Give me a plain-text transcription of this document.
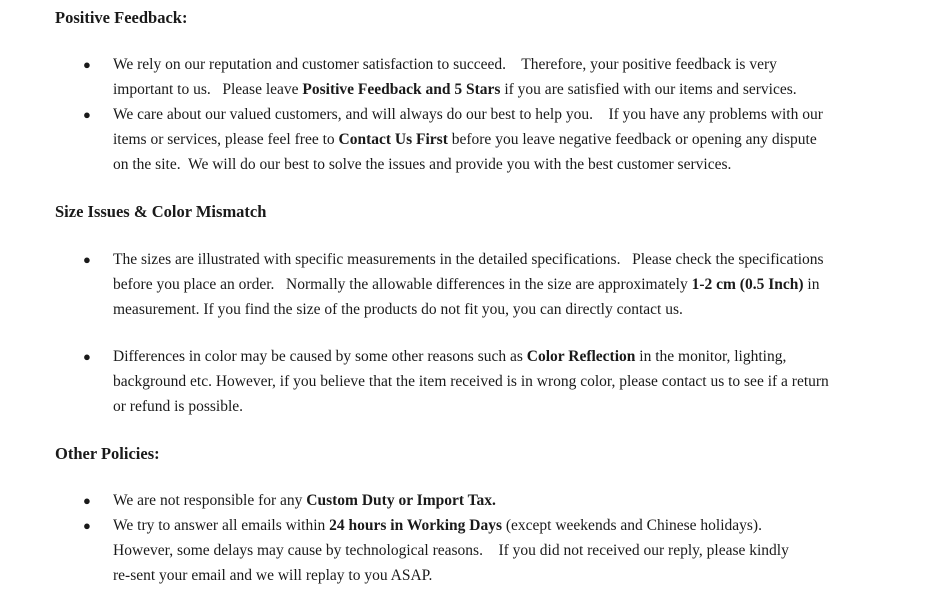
Positive Feedback:
● We rely on our reputation and customer satisfaction to succeed.    Therefore, your positive feedback is very
important to us.   Please leave Positive Feedback and 5 Stars if you are satisfied with our items and services.
● We care about our valued customers, and will always do our best to help you.    If you have any problems with our
items or services, please feel free to Contact Us First before you leave negative feedback or opening any dispute
on the site.  We will do our best to solve the issues and provide you with the best customer services.
Size Issues & Color Mismatch
● The sizes are illustrated with specific measurements in the detailed specifications.   Please check the specifications
before you place an order.   Normally the allowable differences in the size are approximately 1-2 cm (0.5 Inch) in
measurement. If you find the size of the products do not fit you, you can directly contact us.
● Differences in color may be caused by some other reasons such as Color Reflection in the monitor, lighting,
background etc. However, if you believe that the item received is in wrong color, please contact us to see if a return
or refund is possible.
Other Policies:
● We are not responsible for any Custom Duty or Import Tax.
● We try to answer all emails within 24 hours in Working Days (except weekends and Chinese holidays).
However, some delays may cause by technological reasons.    If you did not received our reply, please kindly
re-sent your email and we will replay to you ASAP.
